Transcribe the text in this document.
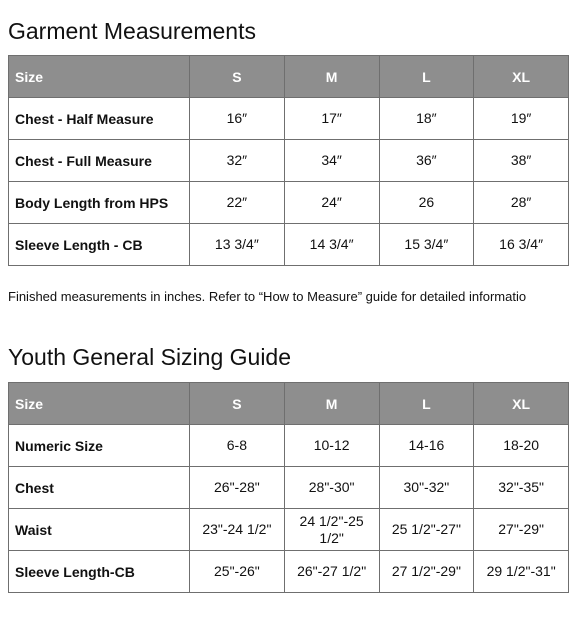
Garment Measurements
Size	S	M	L	XL
Chest - Half Measure	16″	17″	18″	19″
Chest - Full Measure	32″	34″	36″	38″
Body Length from HPS	22″	24″	26	28″
Sleeve Length - CB	13 3/4″	14 3/4″	15 3/4″	16 3/4″

Finished measurements in inches. Refer to “How to Measure” guide for detailed informatio

Youth General Sizing Guide
Size	S	M	L	XL
Numeric Size	6-8	10-12	14-16	18-20
Chest	26"-28"	28"-30"	30"-32"	32"-35"
Waist	23"-24 1/2"	24 1/2"-25 1/2"	25 1/2"-27"	27"-29"
Sleeve Length-CB	25"-26"	26"-27 1/2"	27 1/2"-29"	29 1/2"-31"
